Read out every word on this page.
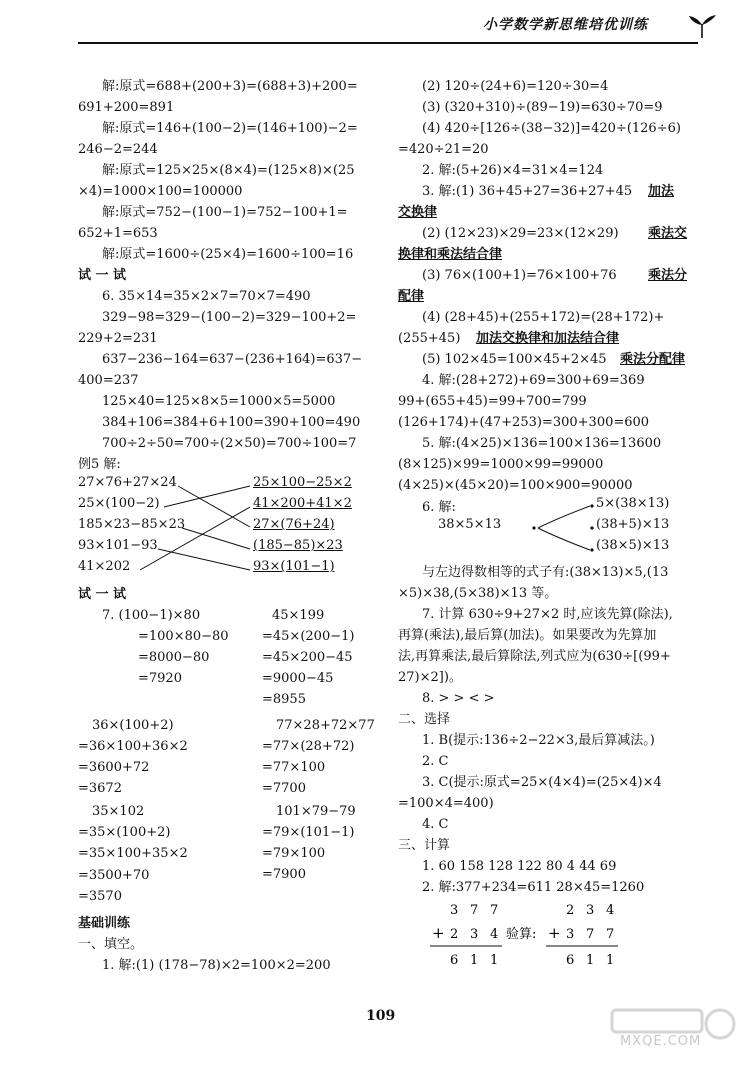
小学数学新思维培优训练
解:原式=688+(200+3)=(688+3)+200=
691+200=891
解:原式=146+(100−2)=(146+100)−2=
246−2=244
解:原式=125×25×(8×4)=(125×8)×(25
×4)=1000×100=100000
解:原式=752−(100−1)=752−100+1=
652+1=653
解:原式=1600÷(25×4)=1600÷100=16
试 一 试
6. 35×14=35×2×7=70×7=490
329−98=329−(100−2)=329−100+2=
229+2=231
637−236−164=637−(236+164)=637−
400=237
125×40=125×8×5=1000×5=5000
384+106=384+6+100=390+100=490
700÷2÷50=700÷(2×50)=700÷100=7
例5 解:
27×76+27×24
25×(100−2)
185×23−85×23
93×101−93
41×202
25×100−25×2
41×200+41×2
27×(76+24)
(185−85)×23
93×(101−1)
试 一 试
7. (100−1)×80
=100×80−80
=8000−80
=7920
45×199
=45×(200−1)
=45×200−45
=9000−45
=8955
36×(100+2)
=36×100+36×2
=3600+72
=3672
77×28+72×77
=77×(28+72)
=77×100
=7700
35×102
=35×(100+2)
=35×100+35×2
101×79−79
=79×(101−1)
=79×100
=7900
=3500+70
=3570
基础训练
一、填空。
1. 解:(1) (178−78)×2=100×2=200
(2) 120÷(24+6)=120÷30=4
(3) (320+310)÷(89−19)=630÷70=9
(4) 420÷[126÷(38−32)]=420÷(126÷6)
=420÷21=20
2. 解:(5+26)×4=31×4=124
3. 解:(1) 36+45+27=36+27+45 加法
交换律
(2) (12×23)×29=23×(12×29) 乘法交
换律和乘法结合律
(3) 76×(100+1)=76×100+76 乘法分
配律
(4) (28+45)+(255+172)=(28+172)+
(255+45) 加法交换律和加法结合律
(5) 102×45=100×45+2×45 乘法分配律
4. 解:(28+272)+69=300+69=369
99+(655+45)=99+700=799
(126+174)+(47+253)=300+300=600
5. 解:(4×25)×136=100×136=13600
(8×125)×99=1000×99=99000
(4×25)×(45×20)=100×900=90000
6. 解:
38×5×13
5×(38×13)
(38+5)×13
(38×5)×13
与左边得数相等的式子有:(38×13)×5,(13
×5)×38,(5×38)×13 等。
7. 计算 630÷9+27×2 时,应该先算(除法),
再算(乘法),最后算(加法)。如果要改为先算加
法,再算乘法,最后算除法,列式应为(630÷[(99+
27)×2])。
8. > > < >
二、选择
1. B(提示:136÷2−22×3,最后算减法。)
2. C
3. C(提示:原式=25×(4×4)=(25×4)×4
=100×4=400)
4. C
三、计算
1. 60 158 128 122 80 4 44 69
2. 解:377+234=611 28×45=1260
3 7 7
+ 2 3 4
6 1 1
验算:
2 3 4
+ 3 7 7
6 1 1
109
MXQE.COM
